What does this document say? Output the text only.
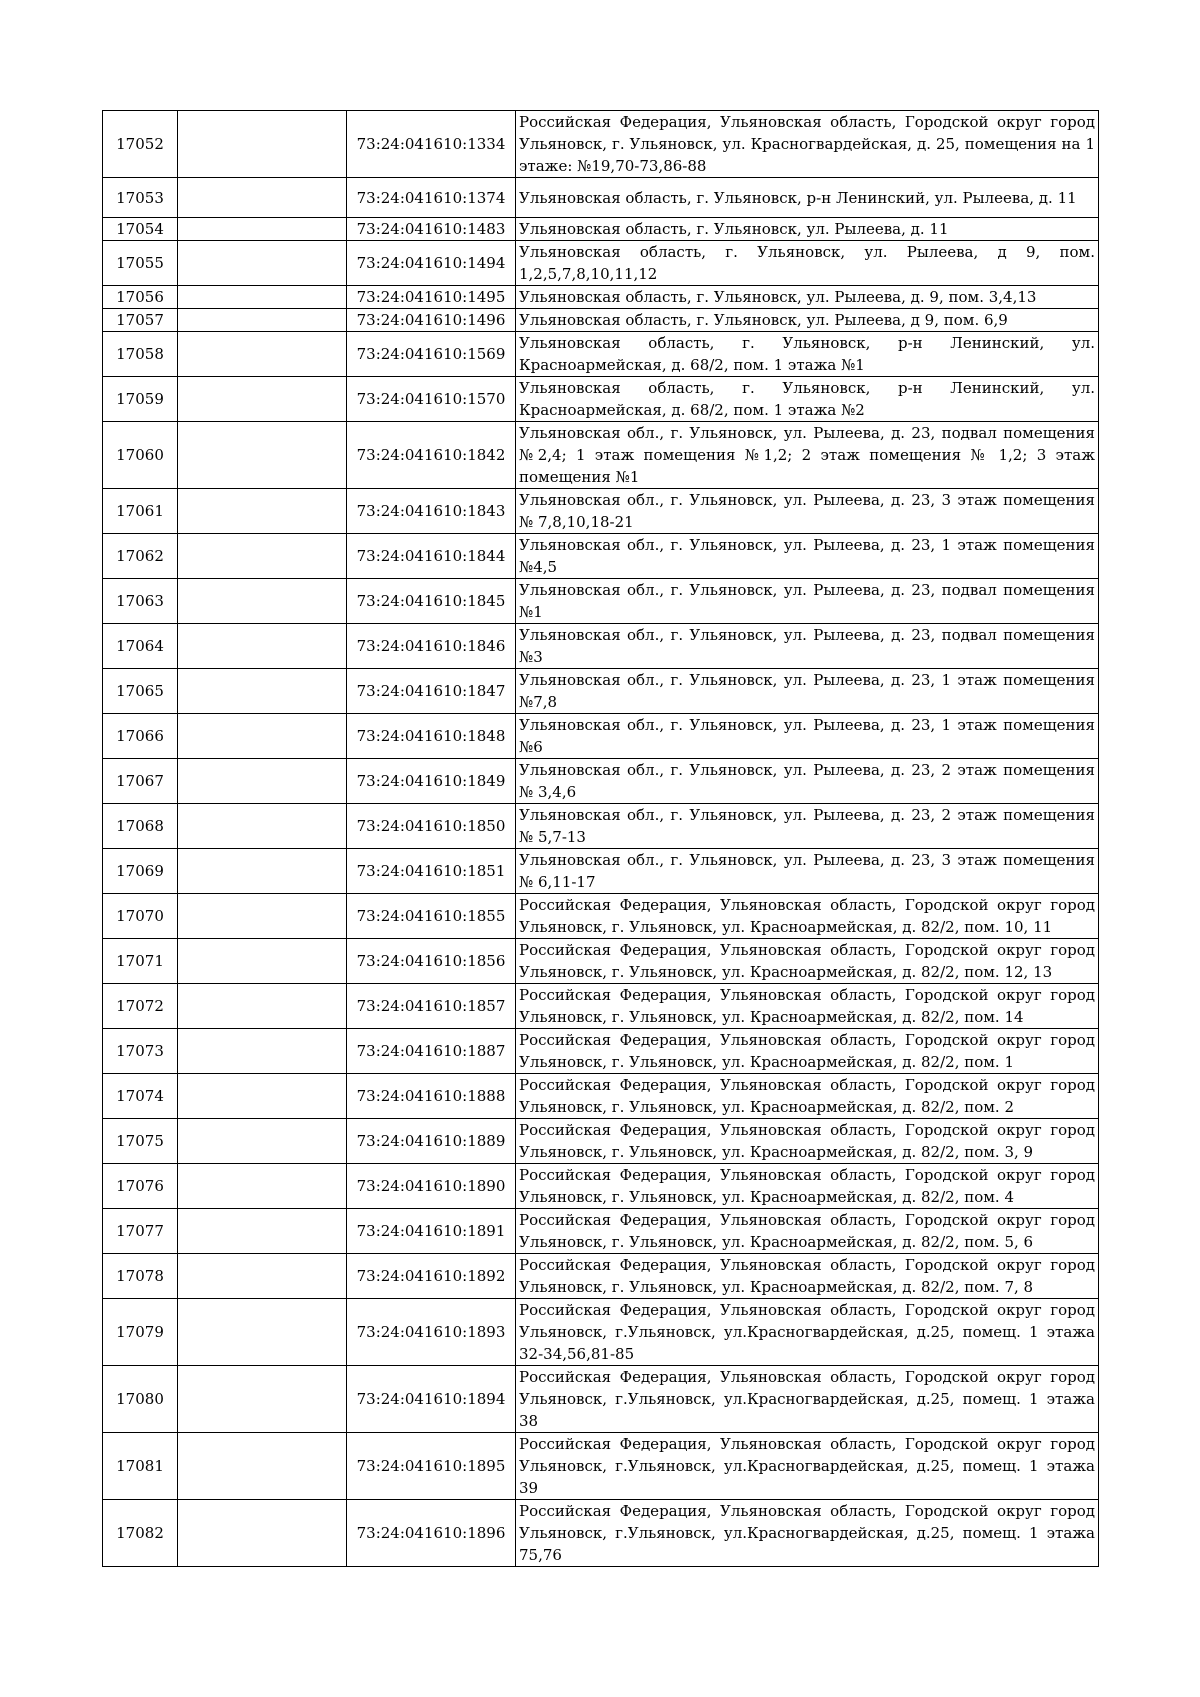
17052		73:24:041610:1334	Российская Федерация, Ульяновская область, Городской округ город Ульяновск, г. Ульяновск, ул. Красногвардейская, д. 25, помещения на 1 этаже: №19,70-73,86-88
17053		73:24:041610:1374	Ульяновская область, г. Ульяновск, р-н Ленинский, ул. Рылеева, д. 11
17054		73:24:041610:1483	Ульяновская область, г. Ульяновск, ул. Рылеева, д. 11
17055		73:24:041610:1494	Ульяновская область, г. Ульяновск, ул. Рылеева, д 9, пом. 1,2,5,7,8,10,11,12
17056		73:24:041610:1495	Ульяновская область, г. Ульяновск, ул. Рылеева, д. 9, пом. 3,4,13
17057		73:24:041610:1496	Ульяновская область, г. Ульяновск, ул. Рылеева, д 9, пом. 6,9
17058		73:24:041610:1569	Ульяновская область, г. Ульяновск, р-н Ленинский, ул. Красноармейская, д. 68/2, пом. 1 этажа №1
17059		73:24:041610:1570	Ульяновская область, г. Ульяновск, р-н Ленинский, ул. Красноармейская, д. 68/2, пом. 1 этажа №2
17060		73:24:041610:1842	Ульяновская обл., г. Ульяновск, ул. Рылеева, д. 23, подвал помещения №2,4; 1 этаж помещения №1,2; 2 этаж помещения № 1,2; 3 этаж помещения №1
17061		73:24:041610:1843	Ульяновская обл., г. Ульяновск, ул. Рылеева, д. 23, 3 этаж помещения № 7,8,10,18-21
17062		73:24:041610:1844	Ульяновская обл., г. Ульяновск, ул. Рылеева, д. 23, 1 этаж помещения №4,5
17063		73:24:041610:1845	Ульяновская обл., г. Ульяновск, ул. Рылеева, д. 23, подвал помещения №1
17064		73:24:041610:1846	Ульяновская обл., г. Ульяновск, ул. Рылеева, д. 23, подвал помещения №3
17065		73:24:041610:1847	Ульяновская обл., г. Ульяновск, ул. Рылеева, д. 23, 1 этаж помещения №7,8
17066		73:24:041610:1848	Ульяновская обл., г. Ульяновск, ул. Рылеева, д. 23, 1 этаж помещения №6
17067		73:24:041610:1849	Ульяновская обл., г. Ульяновск, ул. Рылеева, д. 23, 2 этаж помещения № 3,4,6
17068		73:24:041610:1850	Ульяновская обл., г. Ульяновск, ул. Рылеева, д. 23, 2 этаж помещения № 5,7-13
17069		73:24:041610:1851	Ульяновская обл., г. Ульяновск, ул. Рылеева, д. 23, 3 этаж помещения № 6,11-17
17070		73:24:041610:1855	Российская Федерация, Ульяновская область, Городской округ город Ульяновск, г. Ульяновск, ул. Красноармейская, д. 82/2, пом. 10, 11
17071		73:24:041610:1856	Российская Федерация, Ульяновская область, Городской округ город Ульяновск, г. Ульяновск, ул. Красноармейская, д. 82/2, пом. 12, 13
17072		73:24:041610:1857	Российская Федерация, Ульяновская область, Городской округ город Ульяновск, г. Ульяновск, ул. Красноармейская, д. 82/2, пом. 14
17073		73:24:041610:1887	Российская Федерация, Ульяновская область, Городской округ город Ульяновск, г. Ульяновск, ул. Красноармейская, д. 82/2, пом. 1
17074		73:24:041610:1888	Российская Федерация, Ульяновская область, Городской округ город Ульяновск, г. Ульяновск, ул. Красноармейская, д. 82/2, пом. 2
17075		73:24:041610:1889	Российская Федерация, Ульяновская область, Городской округ город Ульяновск, г. Ульяновск, ул. Красноармейская, д. 82/2, пом. 3, 9
17076		73:24:041610:1890	Российская Федерация, Ульяновская область, Городской округ город Ульяновск, г. Ульяновск, ул. Красноармейская, д. 82/2, пом. 4
17077		73:24:041610:1891	Российская Федерация, Ульяновская область, Городской округ город Ульяновск, г. Ульяновск, ул. Красноармейская, д. 82/2, пом. 5, 6
17078		73:24:041610:1892	Российская Федерация, Ульяновская область, Городской округ город Ульяновск, г. Ульяновск, ул. Красноармейская, д. 82/2, пом. 7, 8
17079		73:24:041610:1893	Российская Федерация, Ульяновская область, Городской округ город Ульяновск, г.Ульяновск, ул.Красногвардейская, д.25, помещ. 1 этажа 32-34,56,81-85
17080		73:24:041610:1894	Российская Федерация, Ульяновская область, Городской округ город Ульяновск, г.Ульяновск, ул.Красногвардейская, д.25, помещ. 1 этажа 38
17081		73:24:041610:1895	Российская Федерация, Ульяновская область, Городской округ город Ульяновск, г.Ульяновск, ул.Красногвардейская, д.25, помещ. 1 этажа 39
17082		73:24:041610:1896	Российская Федерация, Ульяновская область, Городской округ город Ульяновск, г.Ульяновск, ул.Красногвардейская, д.25, помещ. 1 этажа 75,76
